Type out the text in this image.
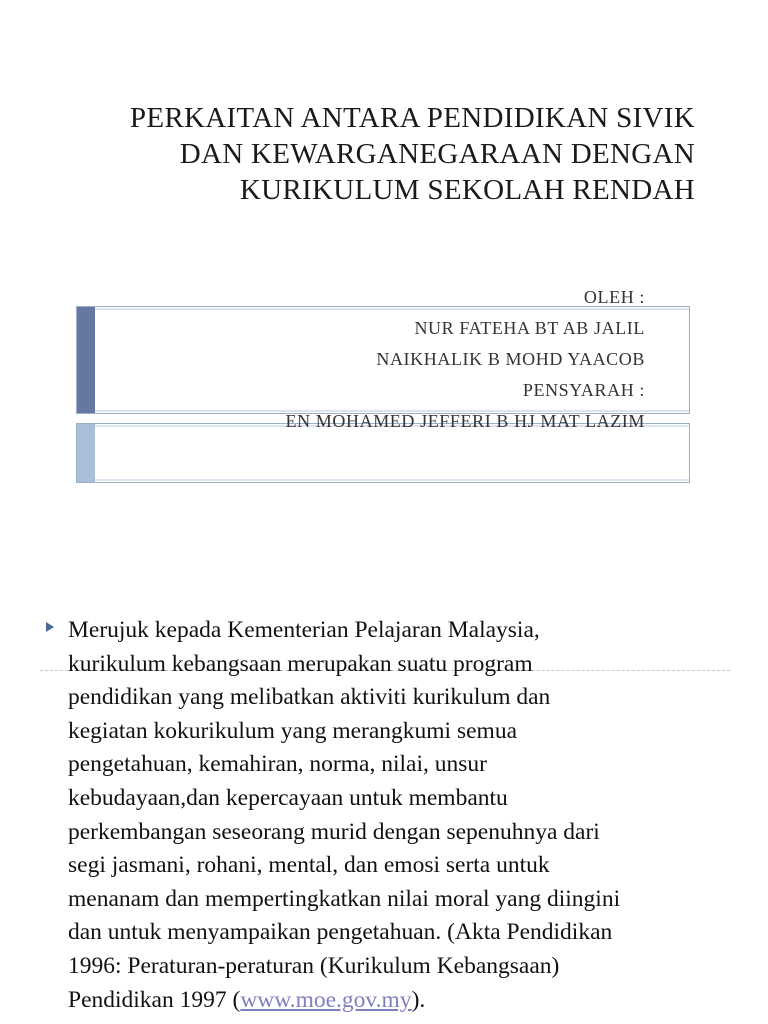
PERKAITAN ANTARA PENDIDIKAN SIVIK
DAN KEWARGANEGARAAN DENGAN
KURIKULUM SEKOLAH RENDAH
OLEH :
NUR FATEHA BT AB JALIL
NAIKHALIK B MOHD YAACOB
PENSYARAH :
EN MOHAMED JEFFERI B HJ MAT LAZIM
Merujuk kepada Kementerian Pelajaran Malaysia,
kurikulum kebangsaan merupakan suatu program
pendidikan yang melibatkan aktiviti kurikulum dan
kegiatan kokurikulum yang merangkumi semua
pengetahuan, kemahiran, norma, nilai, unsur
kebudayaan,dan kepercayaan untuk membantu
perkembangan seseorang murid dengan sepenuhnya dari
segi jasmani, rohani, mental, dan emosi serta untuk
menanam dan mempertingkatkan nilai moral yang diingini
dan untuk menyampaikan pengetahuan. (Akta Pendidikan
1996: Peraturan-peraturan (Kurikulum Kebangsaan)
Pendidikan 1997 (www.moe.gov.my).
